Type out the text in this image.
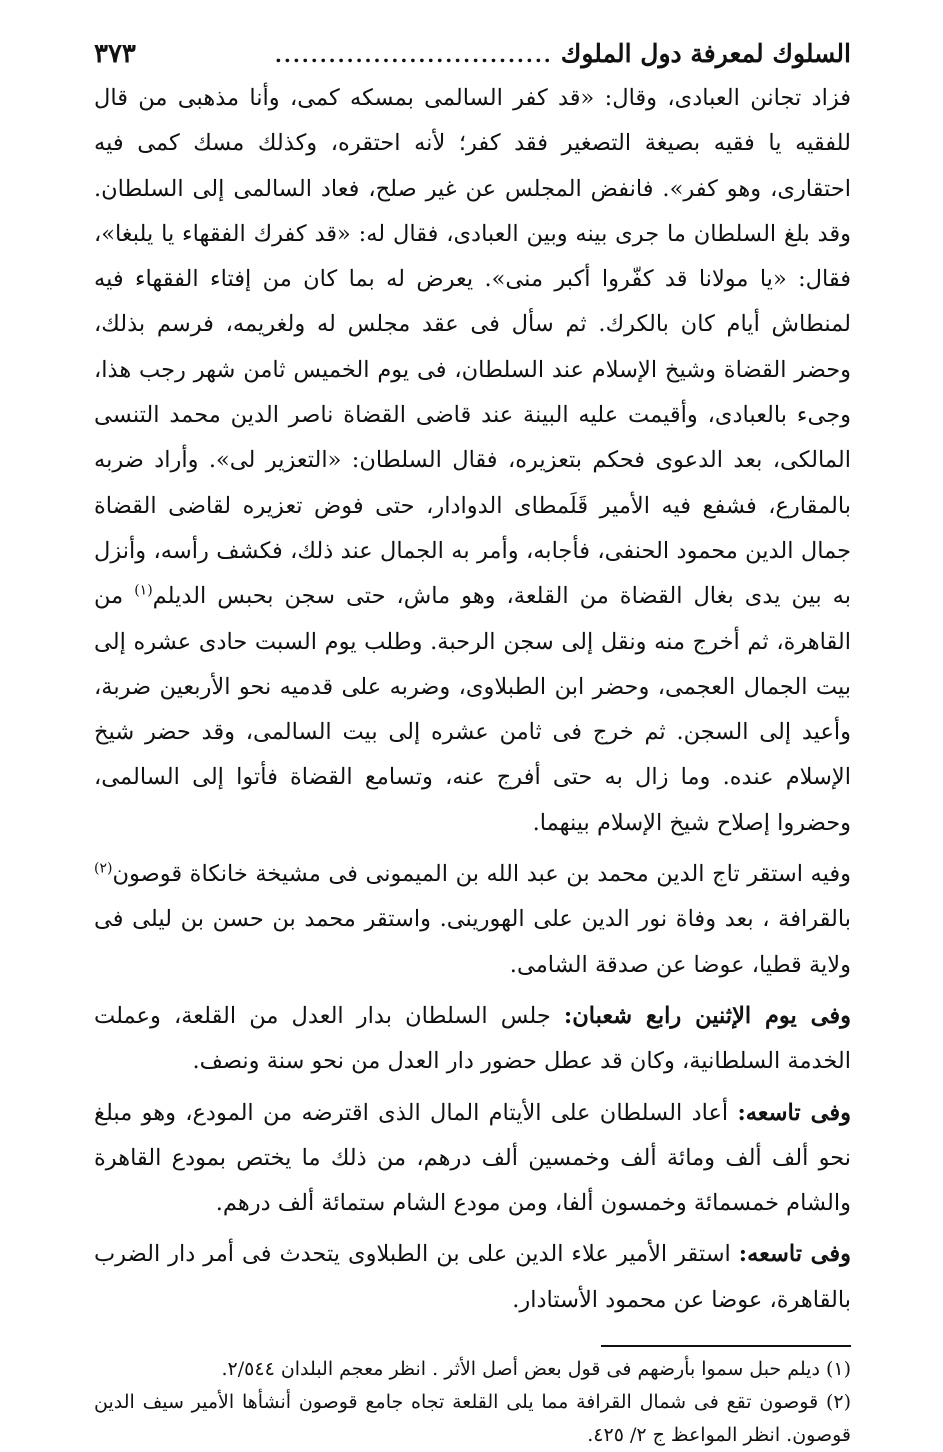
السلوك لمعرفة دول الملوك
...............................
٣٧٣

فزاد تجانن العبادى، وقال: «قد كفر السالمى بمسكه كمى، وأنا مذهبى من قال للفقيه يا فقيه بصيغة التصغير فقد كفر؛ لأنه احتقره، وكذلك مسك كمى فيه احتقارى، وهو كفر». فانفض المجلس عن غير صلح، فعاد السالمى إلى السلطان. وقد بلغ السلطان ما جرى بينه وبين العبادى، فقال له: «قد كفرك الفقهاء يا يلبغا»، فقال: «يا مولانا قد كفّروا أكبر منى». يعرض له بما كان من إفتاء الفقهاء فيه لمنطاش أيام كان بالكرك. ثم سأل فى عقد مجلس له ولغريمه، فرسم بذلك، وحضر القضاة وشيخ الإسلام عند السلطان، فى يوم الخميس ثامن شهر رجب هذا، وجىء بالعبادى، وأقيمت عليه البينة عند قاضى القضاة ناصر الدين محمد التنسى المالكى، بعد الدعوى فحكم بتعزيره، فقال السلطان: «التعزير لى». وأراد ضربه بالمقارع، فشفع فيه الأمير قَلَمطاى الدوادار، حتى فوض تعزيره لقاضى القضاة جمال الدين محمود الحنفى، فأجابه، وأمر به الجمال عند ذلك، فكشف رأسه، وأنزل به بين يدى بغال القضاة من القلعة، وهو ماش، حتى سجن بحبس الديلم$^{(١)}$ من القاهرة، ثم أخرج منه ونقل إلى سجن الرحبة. وطلب يوم السبت حادى عشره إلى بيت الجمال العجمى، وحضر ابن الطبلاوى، وضربه على قدميه نحو الأربعين ضربة، وأعيد إلى السجن. ثم خرج فى ثامن عشره إلى بيت السالمى، وقد حضر شيخ الإسلام عنده. وما زال به حتى أفرج عنه، وتسامع القضاة فأتوا إلى السالمى، وحضروا إصلاح شيخ الإسلام بينهما.

وفيه استقر تاج الدين محمد بن عبد الله بن الميمونى فى مشيخة خانكاة قوصون$^{(٢)}$ بالقرافة ، بعد وفاة نور الدين على الهورينى. واستقر محمد بن حسن بن ليلى فى ولاية قطيا، عوضا عن صدقة الشامى.

وفى يوم الإثنين رابع شعبان: جلس السلطان بدار العدل من القلعة، وعملت الخدمة السلطانية، وكان قد عطل حضور دار العدل من نحو سنة ونصف.

وفى تاسعه: أعاد السلطان على الأيتام المال الذى اقترضه من المودع، وهو مبلغ نحو ألف ألف ومائة ألف وخمسين ألف درهم، من ذلك ما يختص بمودع القاهرة والشام خمسمائة وخمسون ألفا، ومن مودع الشام ستمائة ألف درهم.

وفى تاسعه: استقر الأمير علاء الدين على بن الطبلاوى يتحدث فى أمر دار الضرب بالقاهرة، عوضا عن محمود الأستادار.

(١) ديلم حبل سموا بأرضهم فى قول بعض أصل الأثر . انظر معجم البلدان ٢/٥٤٤.

(٢) قوصون تقع فى شمال القرافة مما يلى القلعة تجاه جامع قوصون أنشأها الأمير سيف الدين قوصون. انظر المواعظ ج ٢/ ٤٢٥.
